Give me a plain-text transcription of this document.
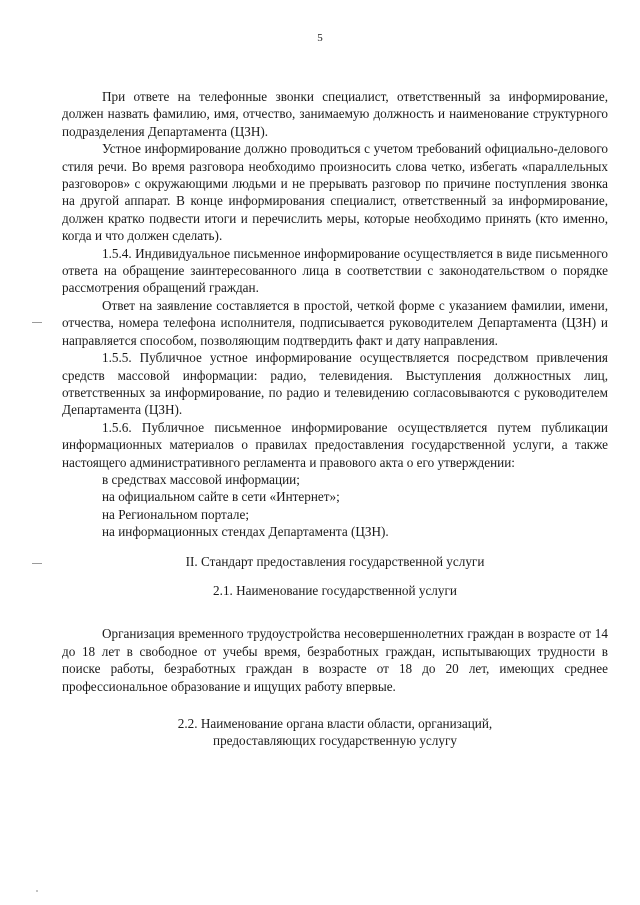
5

При ответе на телефонные звонки специалист, ответственный за информирование, должен назвать фамилию, имя, отчество, занимаемую должность и наименование структурного подразделения Департамента (ЦЗН).

Устное информирование должно проводиться с учетом требований официально-делового стиля речи. Во время разговора необходимо произносить слова четко, избегать «параллельных разговоров» с окружающими людьми и не прерывать разговор по причине поступления звонка на другой аппарат. В конце информирования специалист, ответственный за информирование, должен кратко подвести итоги и перечислить меры, которые необходимо принять (кто именно, когда и что должен сделать).

1.5.4. Индивидуальное письменное информирование осуществляется в виде письменного ответа на обращение заинтересованного лица в соответствии с законодательством о порядке рассмотрения обращений граждан.

Ответ на заявление составляется в простой, четкой форме с указанием фамилии, имени, отчества, номера телефона исполнителя, подписывается руководителем Департамента (ЦЗН) и направляется способом, позволяющим подтвердить факт и дату направления.

1.5.5. Публичное устное информирование осуществляется посредством привлечения средств массовой информации: радио, телевидения. Выступления должностных лиц, ответственных за информирование, по радио и телевидению согласовываются с руководителем Департамента (ЦЗН).

1.5.6. Публичное письменное информирование осуществляется путем публикации информационных материалов о правилах предоставления государственной услуги, а также настоящего административного регламента и правового акта о его утверждении:

в средствах массовой информации;

на официальном сайте в сети «Интернет»;

на Региональном портале;

на информационных стендах Департамента (ЦЗН).

II. Стандарт предоставления государственной услуги

2.1. Наименование государственной услуги

Организация временного трудоустройства несовершеннолетних граждан в возрасте от 14 до 18 лет в свободное от учебы время, безработных граждан, испытывающих трудности в поиске работы, безработных граждан в возрасте от 18 до 20 лет, имеющих среднее профессиональное образование и ищущих работу впервые.

2.2. Наименование органа власти области, организаций,

предоставляющих государственную услугу
